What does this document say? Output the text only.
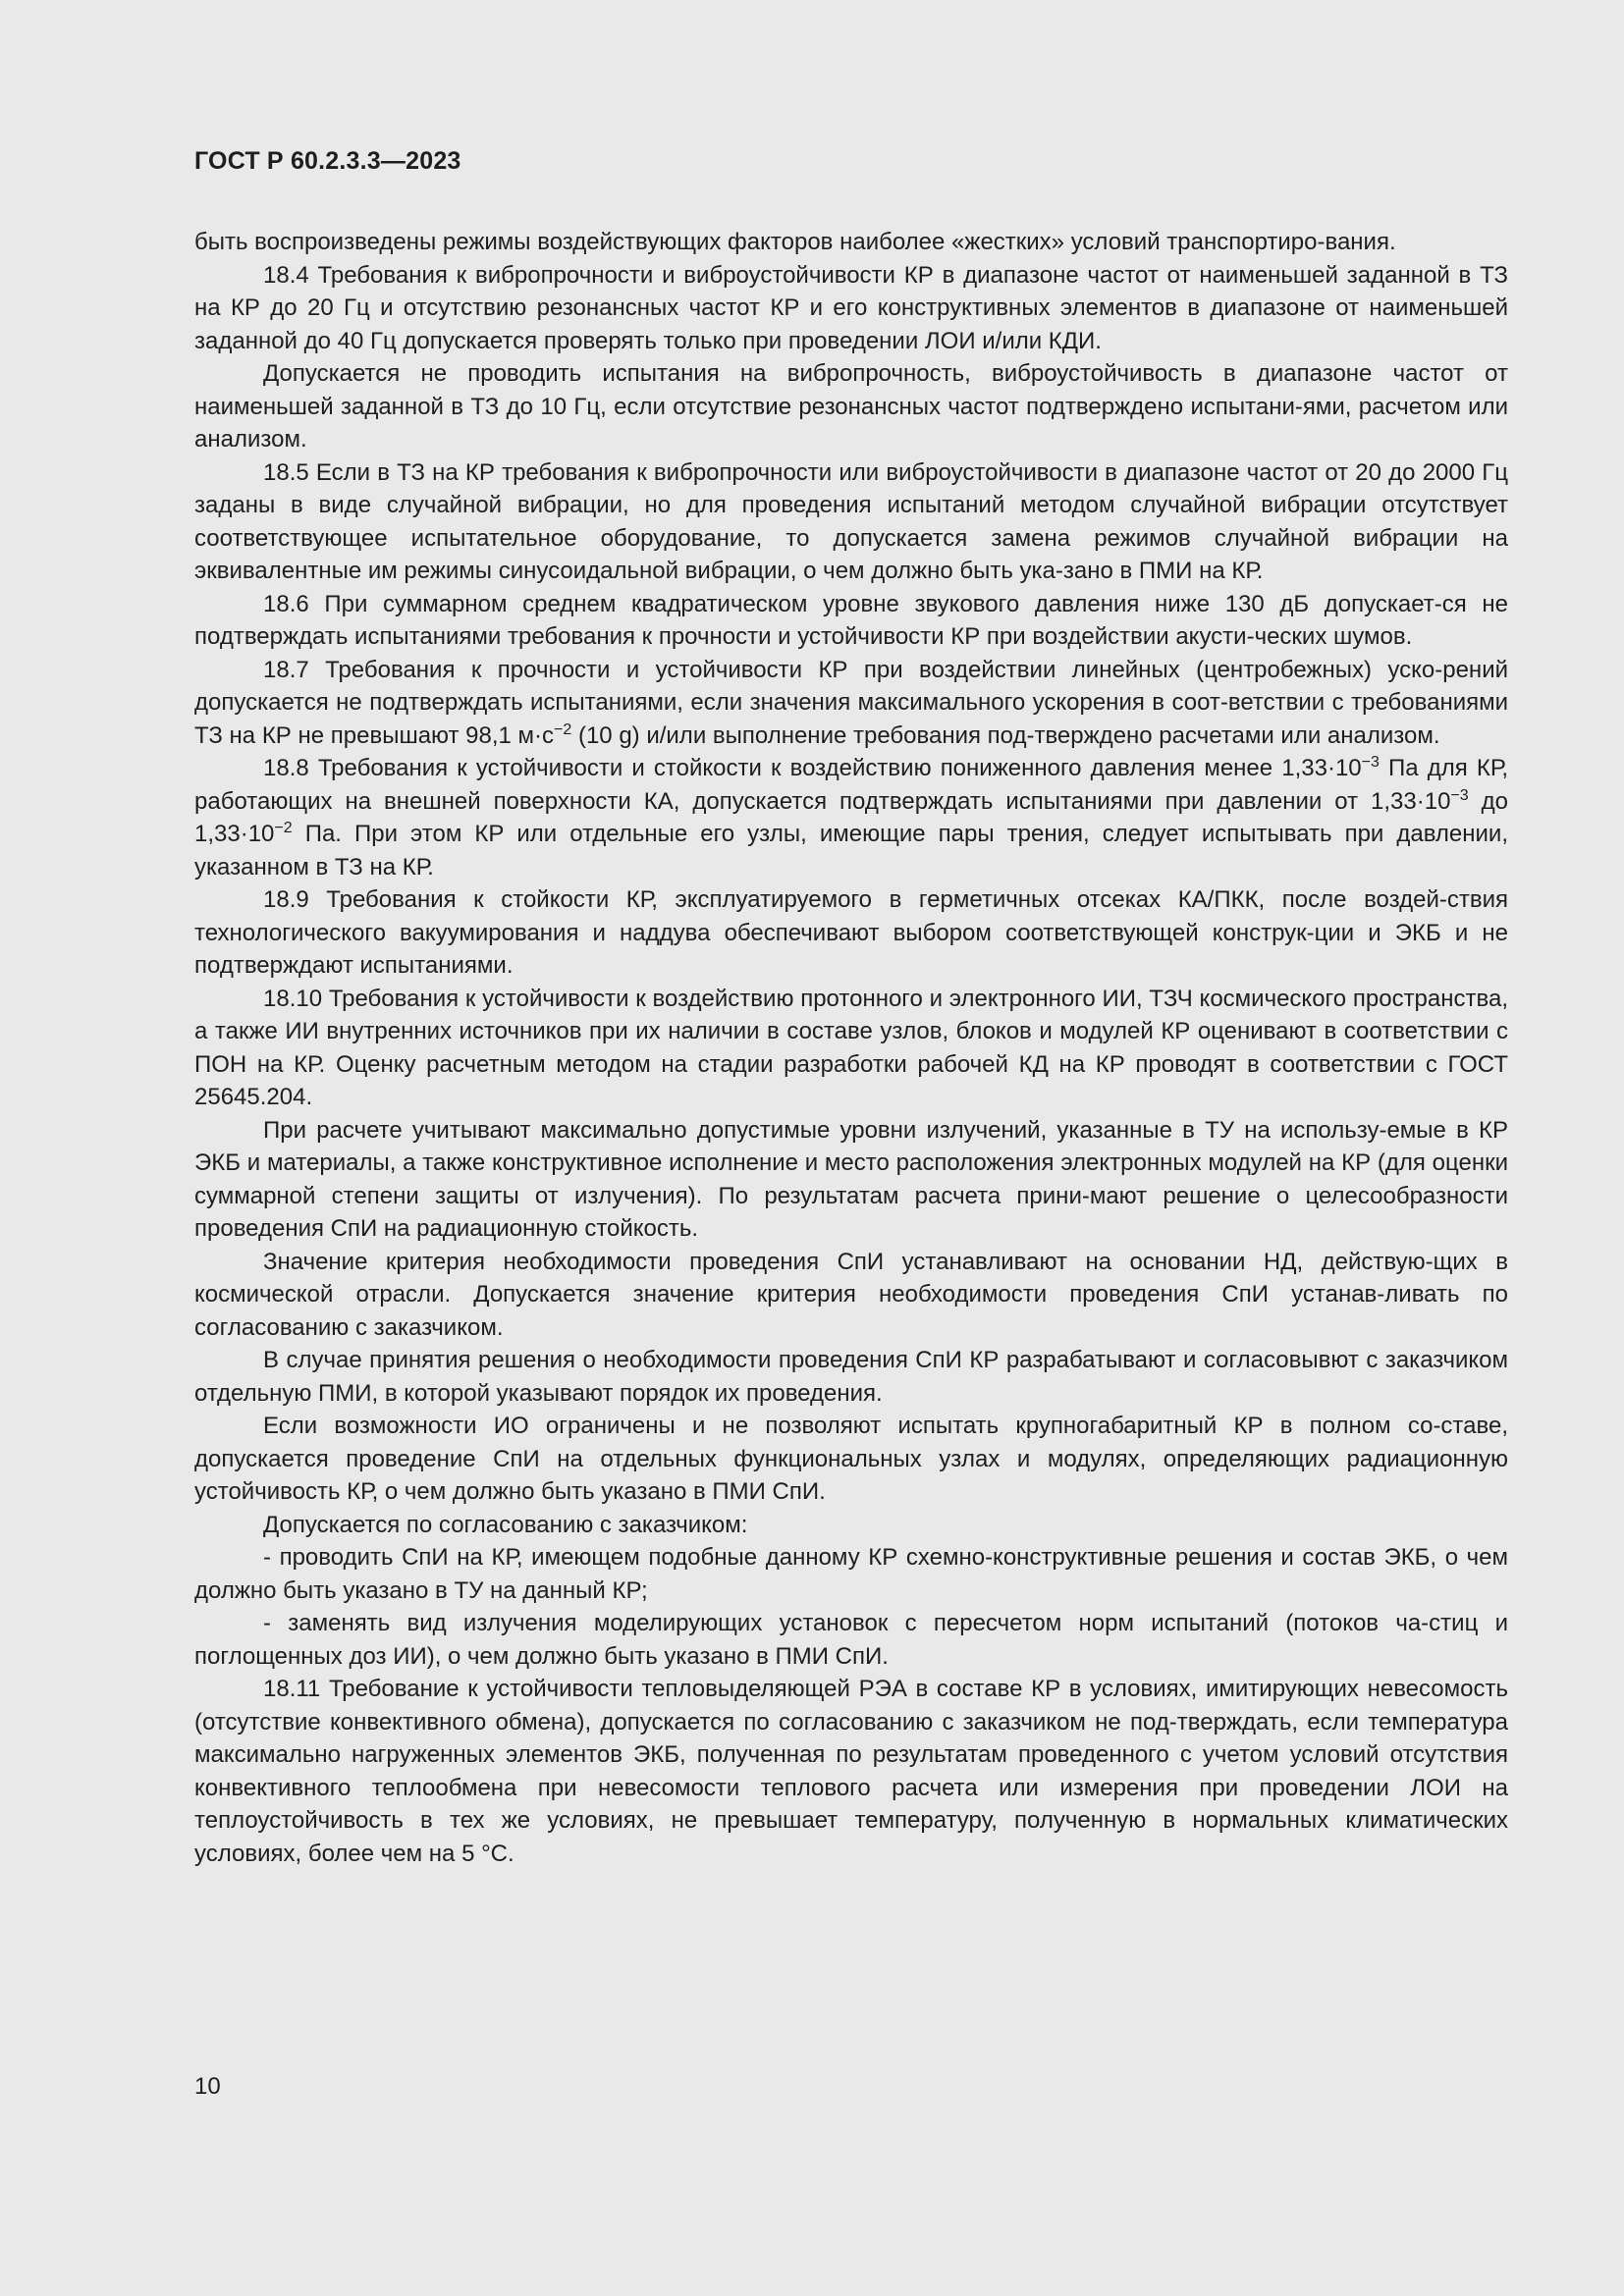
ГОСТ Р 60.2.3.3—2023

быть воспроизведены режимы воздействующих факторов наиболее «жестких» условий транспортиро-вания.

18.4 Требования к вибропрочности и виброустойчивости КР в диапазоне частот от наименьшей заданной в ТЗ на КР до 20 Гц и отсутствию резонансных частот КР и его конструктивных элементов в диапазоне от наименьшей заданной до 40 Гц допускается проверять только при проведении ЛОИ и/или КДИ.

Допускается не проводить испытания на вибропрочность, виброустойчивость в диапазоне частот от наименьшей заданной в ТЗ до 10 Гц, если отсутствие резонансных частот подтверждено испытани-ями, расчетом или анализом.

18.5 Если в ТЗ на КР требования к вибропрочности или виброустойчивости в диапазоне частот от 20 до 2000 Гц заданы в виде случайной вибрации, но для проведения испытаний методом случайной вибрации отсутствует соответствующее испытательное оборудование, то допускается замена режимов случайной вибрации на эквивалентные им режимы синусоидальной вибрации, о чем должно быть ука-зано в ПМИ на КР.

18.6 При суммарном среднем квадратическом уровне звукового давления ниже 130 дБ допускает-ся не подтверждать испытаниями требования к прочности и устойчивости КР при воздействии акусти-ческих шумов.

18.7 Требования к прочности и устойчивости КР при воздействии линейных (центробежных) уско-рений допускается не подтверждать испытаниями, если значения максимального ускорения в соот-ветствии с требованиями ТЗ на КР не превышают 98,1 $м\cdot с^{-2}$ (10 g) и/или выполнение требования под-тверждено расчетами или анализом.

18.8 Требования к устойчивости и стойкости к воздействию пониженного давления менее $1,33\cdot 10^{-3}$ Па для КР, работающих на внешней поверхности КА, допускается подтверждать испытаниями при давлении от $1,33\cdot 10^{-3}$ до $1,33\cdot 10^{-2}$ Па. При этом КР или отдельные его узлы, имеющие пары трения, следует испытывать при давлении, указанном в ТЗ на КР.

18.9 Требования к стойкости КР, эксплуатируемого в герметичных отсеках КА/ПКК, после воздей-ствия технологического вакуумирования и наддува обеспечивают выбором соответствующей конструк-ции и ЭКБ и не подтверждают испытаниями.

18.10 Требования к устойчивости к воздействию протонного и электронного ИИ, ТЗЧ космического пространства, а также ИИ внутренних источников при их наличии в составе узлов, блоков и модулей КР оценивают в соответствии с ПОН на КР. Оценку расчетным методом на стадии разработки рабочей КД на КР проводят в соответствии с ГОСТ 25645.204.

При расчете учитывают максимально допустимые уровни излучений, указанные в ТУ на использу-емые в КР ЭКБ и материалы, а также конструктивное исполнение и место расположения электронных модулей на КР (для оценки суммарной степени защиты от излучения). По результатам расчета прини-мают решение о целесообразности проведения СпИ на радиационную стойкость.

Значение критерия необходимости проведения СпИ устанавливают на основании НД, действую-щих в космической отрасли. Допускается значение критерия необходимости проведения СпИ устанав-ливать по согласованию с заказчиком.

В случае принятия решения о необходимости проведения СпИ КР разрабатывают и согласовывют с заказчиком отдельную ПМИ, в которой указывают порядок их проведения.

Если возможности ИО ограничены и не позволяют испытать крупногабаритный КР в полном со-ставе, допускается проведение СпИ на отдельных функциональных узлах и модулях, определяющих радиационную устойчивость КР, о чем должно быть указано в ПМИ СпИ.

Допускается по согласованию с заказчиком:

- проводить СпИ на КР, имеющем подобные данному КР схемно-конструктивные решения и состав ЭКБ, о чем должно быть указано в ТУ на данный КР;

- заменять вид излучения моделирующих установок с пересчетом норм испытаний (потоков ча-стиц и поглощенных доз ИИ), о чем должно быть указано в ПМИ СпИ.

18.11 Требование к устойчивости тепловыделяющей РЭА в составе КР в условиях, имитирующих невесомость (отсутствие конвективного обмена), допускается по согласованию с заказчиком не под-тверждать, если температура максимально нагруженных элементов ЭКБ, полученная по результатам проведенного с учетом условий отсутствия конвективного теплообмена при невесомости теплового расчета или измерения при проведении ЛОИ на теплоустойчивость в тех же условиях, не превышает температуру, полученную в нормальных климатических условиях, более чем на 5 °С.

10
